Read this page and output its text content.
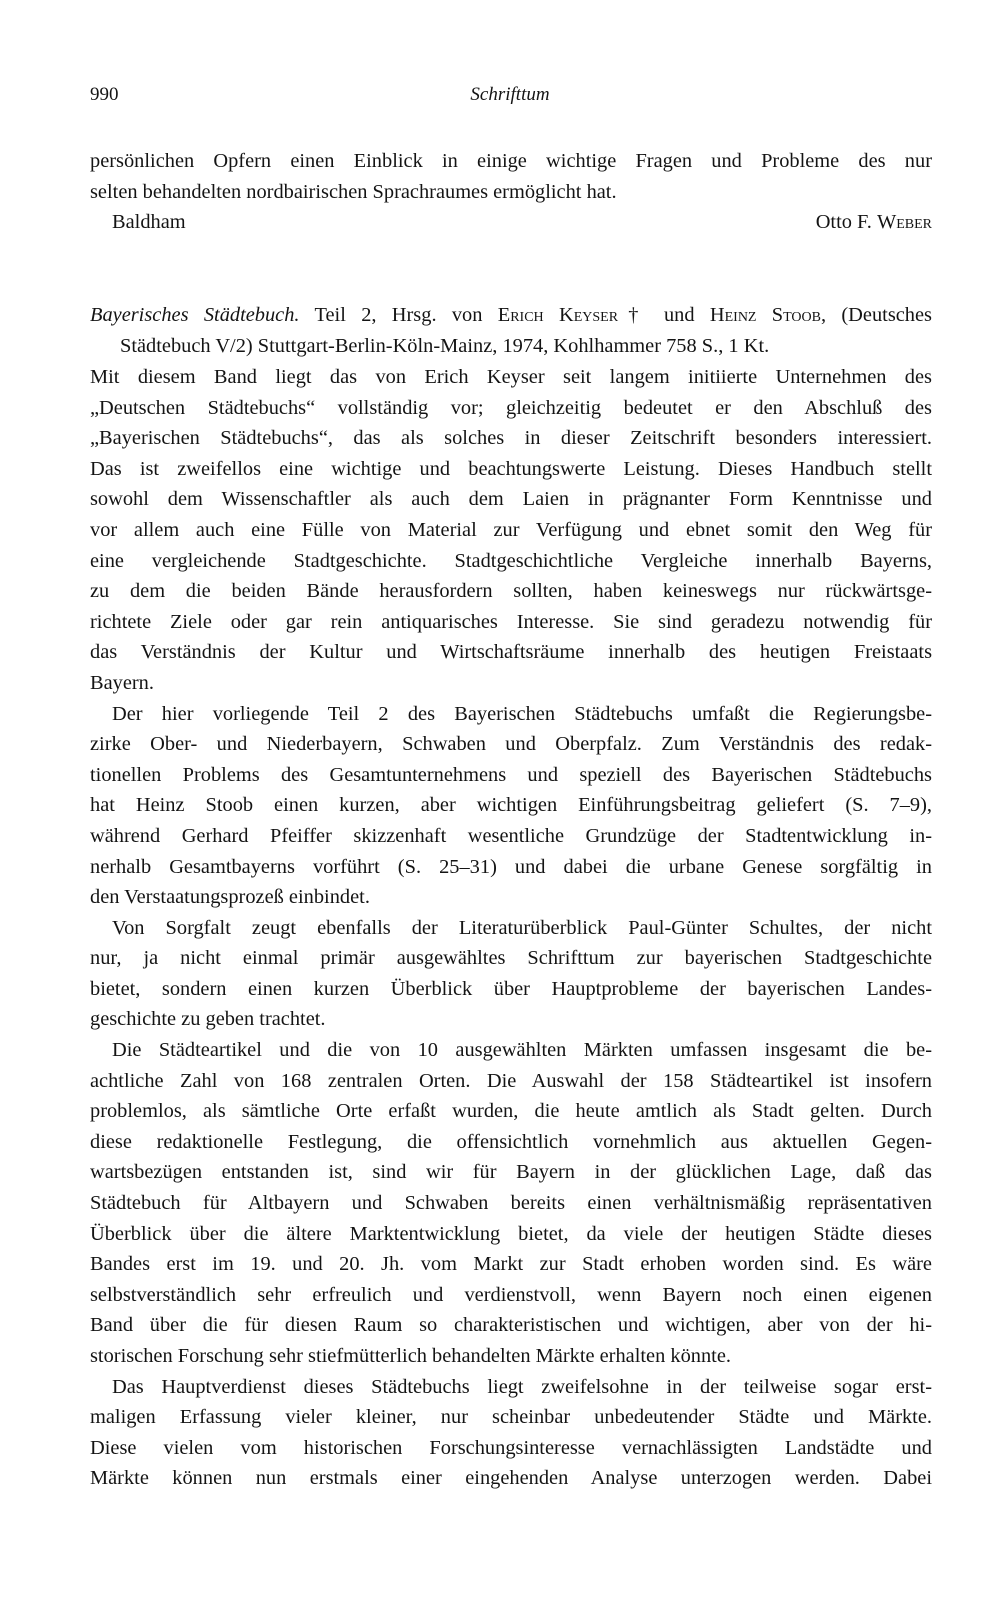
990	Schrifttum
persönlichen Opfern einen Einblick in einige wichtige Fragen und Probleme des nur
selten behandelten nordbairischen Sprachraumes ermöglicht hat.
Baldham	Otto F. Weber
Bayerisches Städtebuch. Teil 2, Hrsg. von Erich Keyser† und Heinz Stoob, (Deutsches
Städtebuch V/2) Stuttgart-Berlin-Köln-Mainz, 1974, Kohlhammer 758 S., 1 Kt.
Mit diesem Band liegt das von Erich Keyser seit langem initiierte Unternehmen des
„Deutschen Städtebuchs“ vollständig vor; gleichzeitig bedeutet er den Abschluß des
„Bayerischen Städtebuchs“, das als solches in dieser Zeitschrift besonders interessiert.
Das ist zweifellos eine wichtige und beachtungswerte Leistung. Dieses Handbuch stellt
sowohl dem Wissenschaftler als auch dem Laien in prägnanter Form Kenntnisse und
vor allem auch eine Fülle von Material zur Verfügung und ebnet somit den Weg für
eine vergleichende Stadtgeschichte. Stadtgeschichtliche Vergleiche innerhalb Bayerns,
zu dem die beiden Bände herausfordern sollten, haben keineswegs nur rückwärtsge-
richtete Ziele oder gar rein antiquarisches Interesse. Sie sind geradezu notwendig für
das Verständnis der Kultur und Wirtschaftsräume innerhalb des heutigen Freistaats
Bayern.
Der hier vorliegende Teil 2 des Bayerischen Städtebuchs umfaßt die Regierungsbe-
zirke Ober- und Niederbayern, Schwaben und Oberpfalz. Zum Verständnis des redak-
tionellen Problems des Gesamtunternehmens und speziell des Bayerischen Städtebuchs
hat Heinz Stoob einen kurzen, aber wichtigen Einführungsbeitrag geliefert (S. 7–9),
während Gerhard Pfeiffer skizzenhaft wesentliche Grundzüge der Stadtentwicklung in-
nerhalb Gesamtbayerns vorführt (S. 25–31) und dabei die urbane Genese sorgfältig in
den Verstaatungsprozeß einbindet.
Von Sorgfalt zeugt ebenfalls der Literaturüberblick Paul-Günter Schultes, der nicht
nur, ja nicht einmal primär ausgewähltes Schrifttum zur bayerischen Stadtgeschichte
bietet, sondern einen kurzen Überblick über Hauptprobleme der bayerischen Landes-
geschichte zu geben trachtet.
Die Städteartikel und die von 10 ausgewählten Märkten umfassen insgesamt die be-
achtliche Zahl von 168 zentralen Orten. Die Auswahl der 158 Städteartikel ist insofern
problemlos, als sämtliche Orte erfaßt wurden, die heute amtlich als Stadt gelten. Durch
diese redaktionelle Festlegung, die offensichtlich vornehmlich aus aktuellen Gegen-
wartsbezügen entstanden ist, sind wir für Bayern in der glücklichen Lage, daß das
Städtebuch für Altbayern und Schwaben bereits einen verhältnismäßig repräsentativen
Überblick über die ältere Marktentwicklung bietet, da viele der heutigen Städte dieses
Bandes erst im 19. und 20. Jh. vom Markt zur Stadt erhoben worden sind. Es wäre
selbstverständlich sehr erfreulich und verdienstvoll, wenn Bayern noch einen eigenen
Band über die für diesen Raum so charakteristischen und wichtigen, aber von der hi-
storischen Forschung sehr stiefmütterlich behandelten Märkte erhalten könnte.
Das Hauptverdienst dieses Städtebuchs liegt zweifelsohne in der teilweise sogar erst-
maligen Erfassung vieler kleiner, nur scheinbar unbedeutender Städte und Märkte.
Diese vielen vom historischen Forschungsinteresse vernachlässigten Landstädte und
Märkte können nun erstmals einer eingehenden Analyse unterzogen werden. Dabei
